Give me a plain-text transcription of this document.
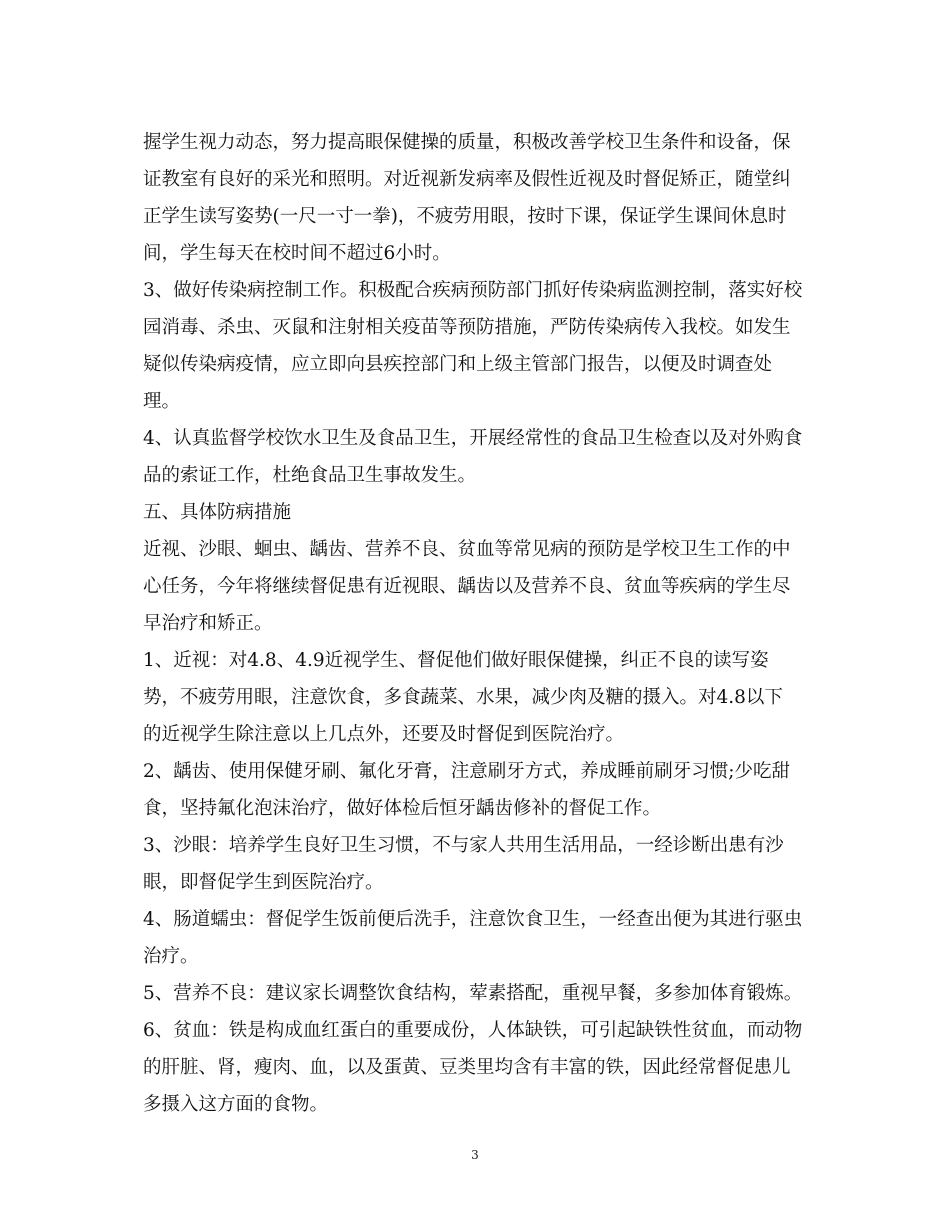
握学生视力动态，努力提高眼保健操的质量，积极改善学校卫生条件和设备，保
证教室有良好的采光和照明。对近视新发病率及假性近视及时督促矫正，随堂纠
正学生读写姿势(一尺一寸一拳)，不疲劳用眼，按时下课，保证学生课间休息时
间，学生每天在校时间不超过6小时。
3、做好传染病控制工作。积极配合疾病预防部门抓好传染病监测控制，落实好校
园消毒、杀虫、灭鼠和注射相关疫苗等预防措施，严防传染病传入我校。如发生
疑似传染病疫情，应立即向县疾控部门和上级主管部门报告，以便及时调查处
理。
4、认真监督学校饮水卫生及食品卫生，开展经常性的食品卫生检查以及对外购食
品的索证工作，杜绝食品卫生事故发生。
五、具体防病措施
近视、沙眼、蛔虫、龋齿、营养不良、贫血等常见病的预防是学校卫生工作的中
心任务，今年将继续督促患有近视眼、龋齿以及营养不良、贫血等疾病的学生尽
早治疗和矫正。
1、近视：对4.8、4.9近视学生、督促他们做好眼保健操，纠正不良的读写姿
势，不疲劳用眼，注意饮食，多食蔬菜、水果，减少肉及糖的摄入。对4.8以下
的近视学生除注意以上几点外，还要及时督促到医院治疗。
2、龋齿、使用保健牙刷、氟化牙膏，注意刷牙方式，养成睡前刷牙习惯;少吃甜
食，坚持氟化泡沫治疗，做好体检后恒牙龋齿修补的督促工作。
3、沙眼：培养学生良好卫生习惯，不与家人共用生活用品，一经诊断出患有沙
眼，即督促学生到医院治疗。
4、肠道蠕虫：督促学生饭前便后洗手，注意饮食卫生，一经查出便为其进行驱虫
治疗。
5、营养不良：建议家长调整饮食结构，荤素搭配，重视早餐，多参加体育锻炼。
6、贫血：铁是构成血红蛋白的重要成份，人体缺铁，可引起缺铁性贫血，而动物
的肝脏、肾，瘦肉、血，以及蛋黄、豆类里均含有丰富的铁，因此经常督促患儿
多摄入这方面的食物。
3
